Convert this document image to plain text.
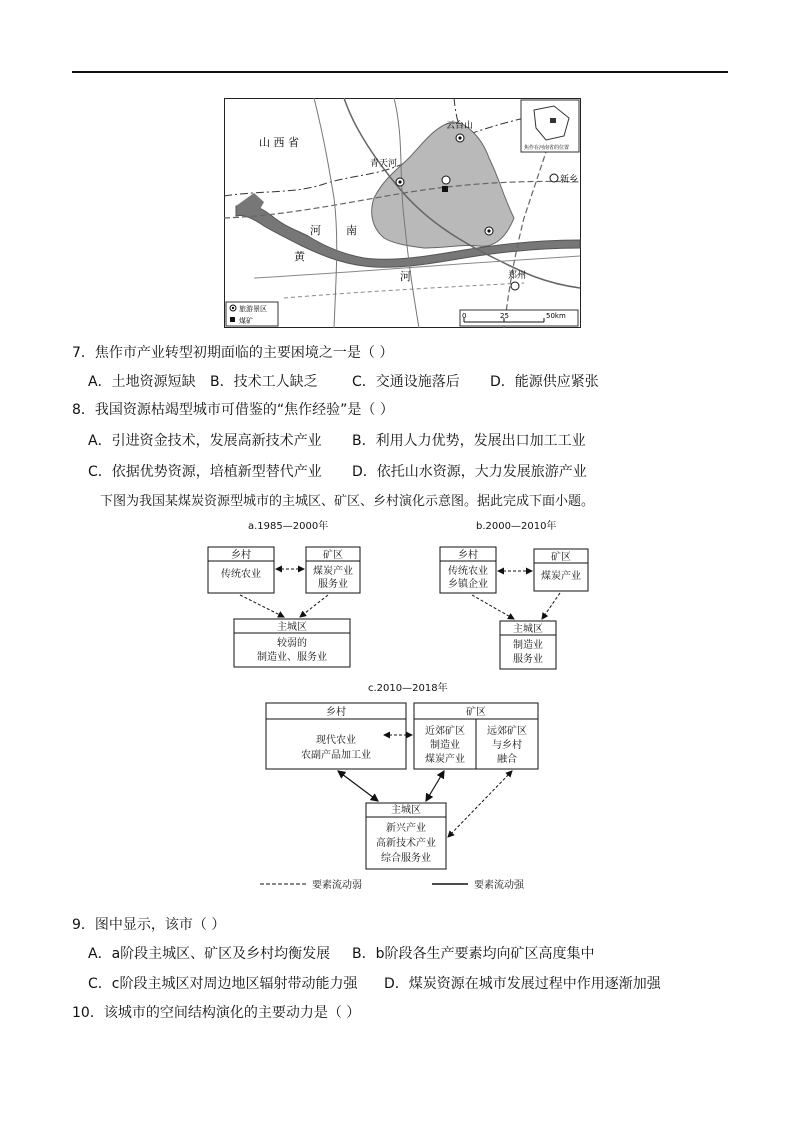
焦作在河南省的位置
山 西 省
河 南
黄
河
云台山
青天河
新乡
郑州
旅游景区
煤矿
0	25	50km
7．焦作市产业转型初期面临的主要困境之一是（ ）
A．土地资源短缺 B．技术工人缺乏 C．交通设施落后 D．能源供应紧张
8．我国资源枯竭型城市可借鉴的“焦作经验”是（ ）
A．引进资金技术，发展高新技术产业 B．利用人力优势，发展出口加工工业
C．依据优势资源，培植新型替代产业 D．依托山水资源，大力发展旅游产业
下图为我国某煤炭资源型城市的主城区、矿区、乡村演化示意图。据此完成下面小题。
a.1985—2000年
乡村
传统农业
矿区
煤炭产业
服务业
主城区
较弱的
制造业、服务业
b.2000—2010年
乡村
传统农业
乡镇企业
矿区
煤炭产业
主城区
制造业
服务业
c.2010—2018年
乡村
现代农业
农副产品加工业
矿区
近郊矿区
制造业
煤炭产业
远郊矿区
与乡村
融合
主城区
新兴产业
高新技术产业
综合服务业
要素流动弱	要素流动强
9．图中显示，该市（ ）
A．a阶段主城区、矿区及乡村均衡发展 B．b阶段各生产要素均向矿区高度集中
C．c阶段主城区对周边地区辐射带动能力强 D．煤炭资源在城市发展过程中作用逐渐加强
10．该城市的空间结构演化的主要动力是（ ）
